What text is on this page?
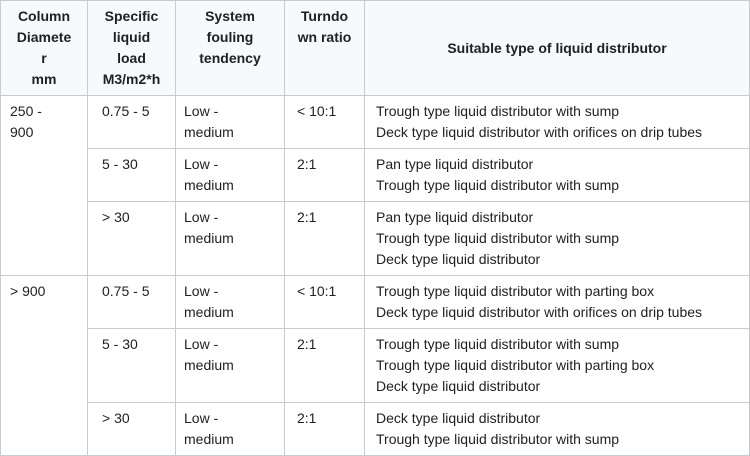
Column
Diamete
r
mm	Specific
liquid
load
M3/m2*h	System
fouling
tendency	Turndo
wn ratio	Suitable type of liquid distributor

250 -
900	0.75 - 5	Low -
medium	< 10:1	Trough type liquid distributor with sump
Deck type liquid distributor with orifices on drip tubes

	5 - 30	Low -
medium	2:1	Pan type liquid distributor
Trough type liquid distributor with sump

	> 30	Low -
medium	2:1	Pan type liquid distributor
Trough type liquid distributor with sump
Deck type liquid distributor

> 900	0.75 - 5	Low -
medium	< 10:1	Trough type liquid distributor with parting box
Deck type liquid distributor with orifices on drip tubes

	5 - 30	Low -
medium	2:1	Trough type liquid distributor with sump
Trough type liquid distributor with parting box
Deck type liquid distributor

	> 30	Low -
medium	2:1	Deck type liquid distributor
Trough type liquid distributor with sump
